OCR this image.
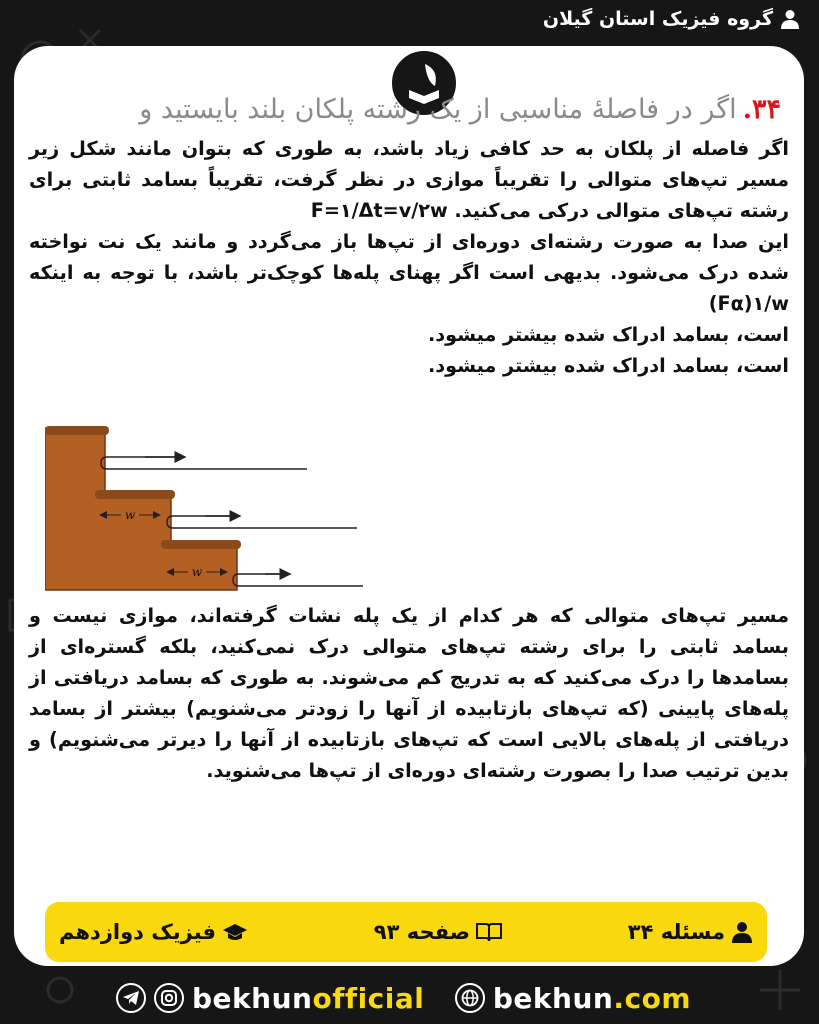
گروه فیزیک استان گیلان
۳۴.اگر در فاصلهٔ مناسبی از یک رشته پلکان بلند بایستید و

اگر فاصله از پلکان به حد کافی زیاد باشد، به طوری که بتوان مانند شکل زیر مسیر تپ‌های متوالی را تقریباً موازی در نظر گرفت، تقریباً بسامد ثابتی برای رشته تپ‌های متوالی درکی می‌کنید. F=۱/Δt=v/۲w

این صدا به صورت رشته‌ای دوره‌ای از تپ‌ها باز می‌گردد و مانند یک نت نواخته شده درک می‌شود. بدیهی است اگر پهنای پله‌ها کوچک‌تر باشد، با توجه به اینکه Fα)۱/w)

است، بسامد ادراک شده بیشتر میشود.

است، بسامد ادراک شده بیشتر میشود.

w
w

مسیر تپ‌های متوالی که هر کدام از یک پله نشات گرفته‌اند، موازی نیست و بسامد ثابتی را برای رشته تپ‌های متوالی درک نمی‌کنید، بلکه گستره‌ای از بسامدها را درک می‌کنید که به تدریج کم می‌شوند. به طوری که بسامد دریافتی از پله‌های پایینی (که تپ‌های بازتابیده از آنها را زودتر می‌شنویم) بیشتر از بسامد دریافتی از پله‌های بالایی است که تپ‌های بازتابیده از آنها را دیرتر می‌شنویم) و بدین ترتیب صدا را بصورت رشته‌ای دوره‌ای از تپ‌ها می‌شنوید.

مسئله ۳۴
صفحه ۹۳
فیزیک دوازدهم
bekhunofficial bekhun.com
